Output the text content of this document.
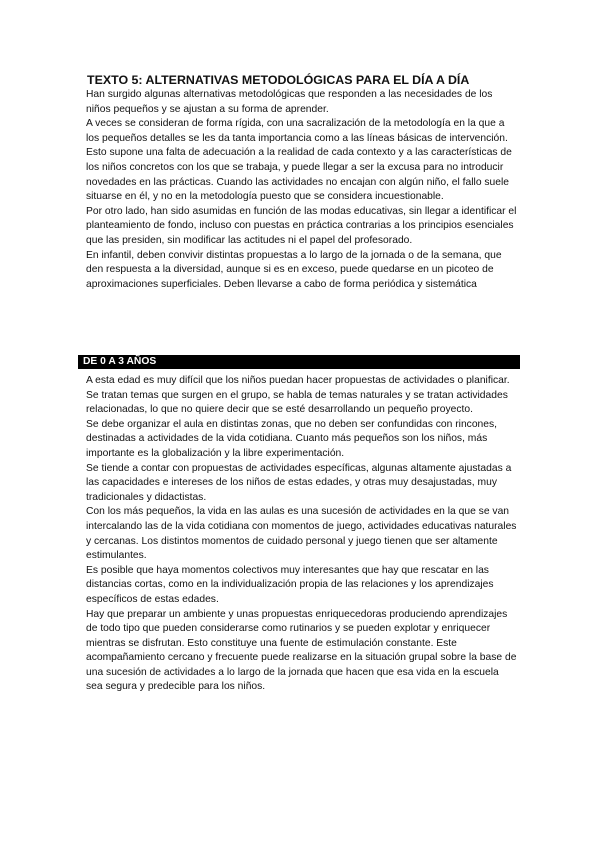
TEXTO 5: ALTERNATIVAS METODOLÓGICAS PARA EL DÍA A DÍA

Han surgido algunas alternativas metodológicas que responden a las necesidades de los niños pequeños y se ajustan a su forma de aprender.

A veces se consideran de forma rígida, con una sacralización de la metodología en la que a los pequeños detalles se les da tanta importancia como a las líneas básicas de intervención. Esto supone una falta de adecuación a la realidad de cada contexto y a las características de los niños concretos con los que se trabaja, y puede llegar a ser la excusa para no introducir novedades en las prácticas. Cuando las actividades no encajan con algún niño, el fallo suele situarse en él, y no en la metodología puesto que se considera incuestionable.

Por otro lado, han sido asumidas en función de las modas educativas, sin llegar a identificar el planteamiento de fondo, incluso con puestas en práctica contrarias a los principios esenciales que las presiden, sin modificar las actitudes ni el papel del profesorado.

En infantil, deben convivir distintas propuestas a lo largo de la jornada o de la semana, que den respuesta a la diversidad, aunque si es en exceso, puede quedarse en un picoteo de aproximaciones superficiales. Deben llevarse a cabo de forma periódica y sistemática

DE 0 A 3 AÑOS

A esta edad es muy difícil que los niños puedan hacer propuestas de actividades o planificar. Se tratan temas que surgen en el grupo, se habla de temas naturales y se tratan actividades relacionadas, lo que no quiere decir que se esté desarrollando un pequeño proyecto.

Se debe organizar el aula en distintas zonas, que no deben ser confundidas con rincones, destinadas a actividades de la vida cotidiana. Cuanto más pequeños son los niños, más importante es la globalización y la libre experimentación.

Se tiende a contar con propuestas de actividades específicas, algunas altamente ajustadas a las capacidades e intereses de los niños de estas edades, y otras muy desajustadas, muy tradicionales y didactistas.

Con los más pequeños, la vida en las aulas es una sucesión de actividades en la que se van intercalando las de la vida cotidiana con momentos de juego, actividades educativas naturales y cercanas. Los distintos momentos de cuidado personal y juego tienen que ser altamente estimulantes.

Es posible que haya momentos colectivos muy interesantes que hay que rescatar en las distancias cortas, como en la individualización propia de las relaciones y los aprendizajes específicos de estas edades.

Hay que preparar un ambiente y unas propuestas enriquecedoras produciendo aprendizajes de todo tipo que pueden considerarse como rutinarios y se pueden explotar y enriquecer mientras se disfrutan. Esto constituye una fuente de estimulación constante. Este acompañamiento cercano y frecuente puede realizarse en la situación grupal sobre la base de una sucesión de actividades a lo largo de la jornada que hacen que esa vida en la escuela sea segura y predecible para los niños.
